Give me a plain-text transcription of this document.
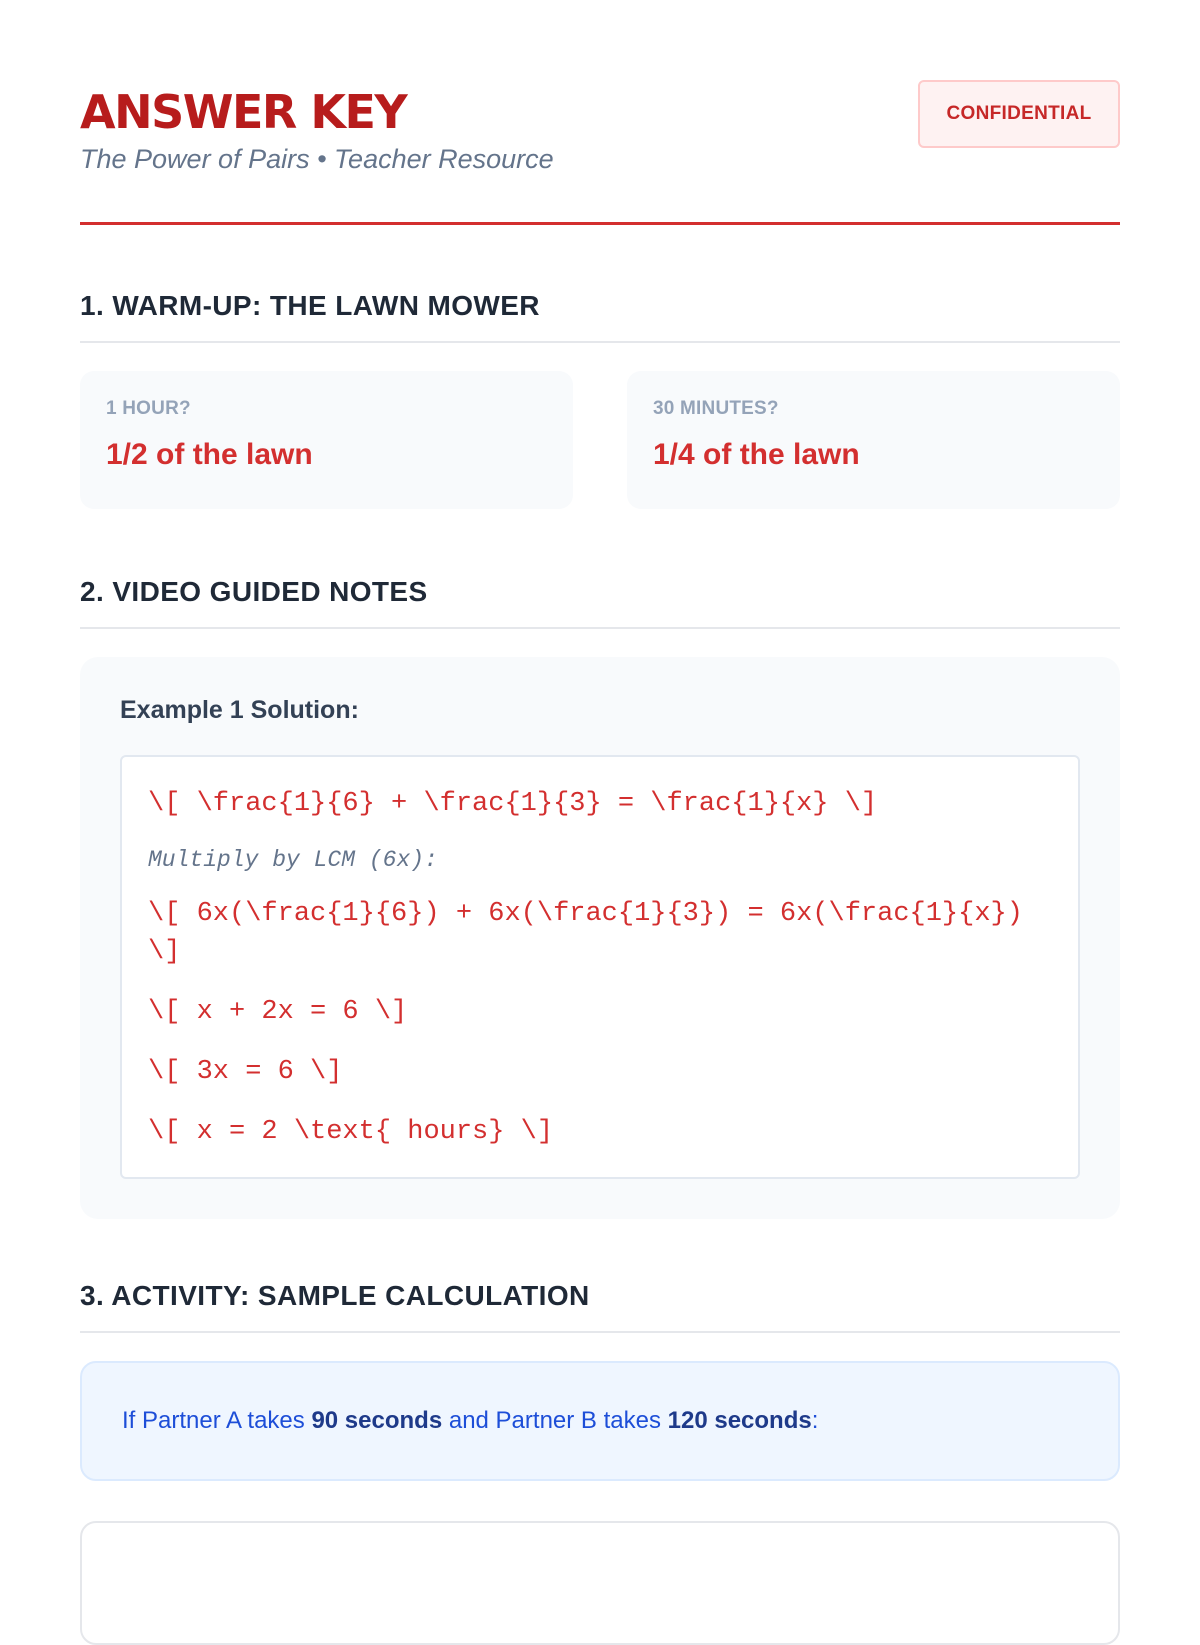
ANSWER KEY

The Power of Pairs • Teacher Resource

CONFIDENTIAL
1. WARM-UP: THE LAWN MOWER
1 HOUR?
1/2 of the lawn
30 MINUTES?
1/4 of the lawn
2. VIDEO GUIDED NOTES
Example 1 Solution:

\[ \frac{1}{6} + \frac{1}{3} = \frac{1}{x} \]

Multiply by LCM (6x):

\[ 6x(\frac{1}{6}) + 6x(\frac{1}{3}) = 6x(\frac{1}{x}) \]

\[ x + 2x = 6 \]

\[ 3x = 6 \]

\[ x = 2 \text{ hours} \]

3. ACTIVITY: SAMPLE CALCULATION
If Partner A takes 90 seconds and Partner B takes 120 seconds:
